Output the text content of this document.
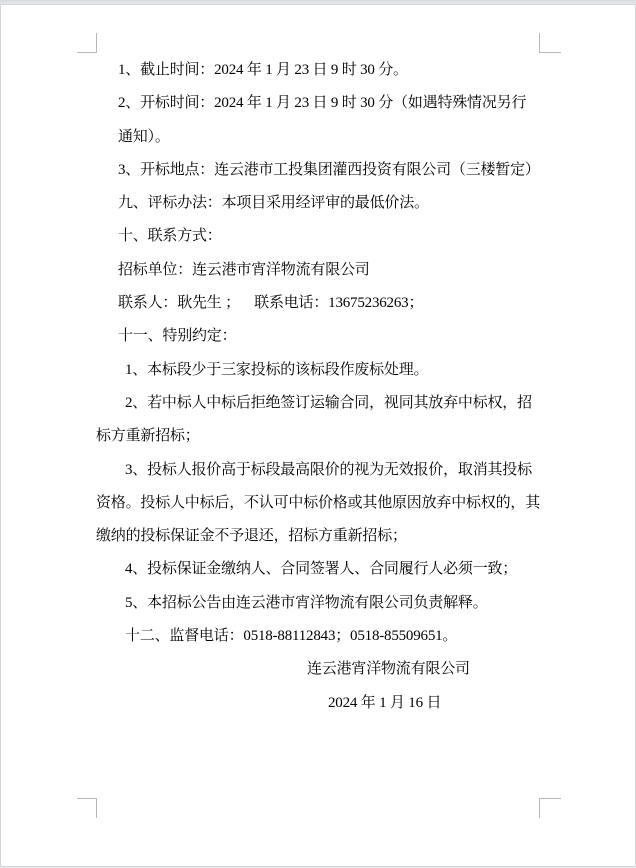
1、截止时间：2024 年 1 月 23 日 9 时 30 分。
2、开标时间：2024 年 1 月 23 日 9 时 30 分（如遇特殊情况另行
通知）。
3、开标地点：连云港市工投集团灌西投资有限公司（三楼暂定）
九、评标办法：本项目采用经评审的最低价法。
十、联系方式：
招标单位：连云港市宵洋物流有限公司
联系人：耿先生 ；    联系电话：13675236263；
十一、特别约定：
1、本标段少于三家投标的该标段作废标处理。
2、若中标人中标后拒绝签订运输合同，视同其放弃中标权，招
标方重新招标；
3、投标人报价高于标段最高限价的视为无效报价，取消其投标
资格。投标人中标后，不认可中标价格或其他原因放弃中标权的，其
缴纳的投标保证金不予退还，招标方重新招标；
4、投标保证金缴纳人、合同签署人、合同履行人必须一致；
5、本招标公告由连云港市宵洋物流有限公司负责解释。
十二、监督电话：0518-88112843；0518-85509651。
连云港宵洋物流有限公司
2024 年 1 月 16 日
